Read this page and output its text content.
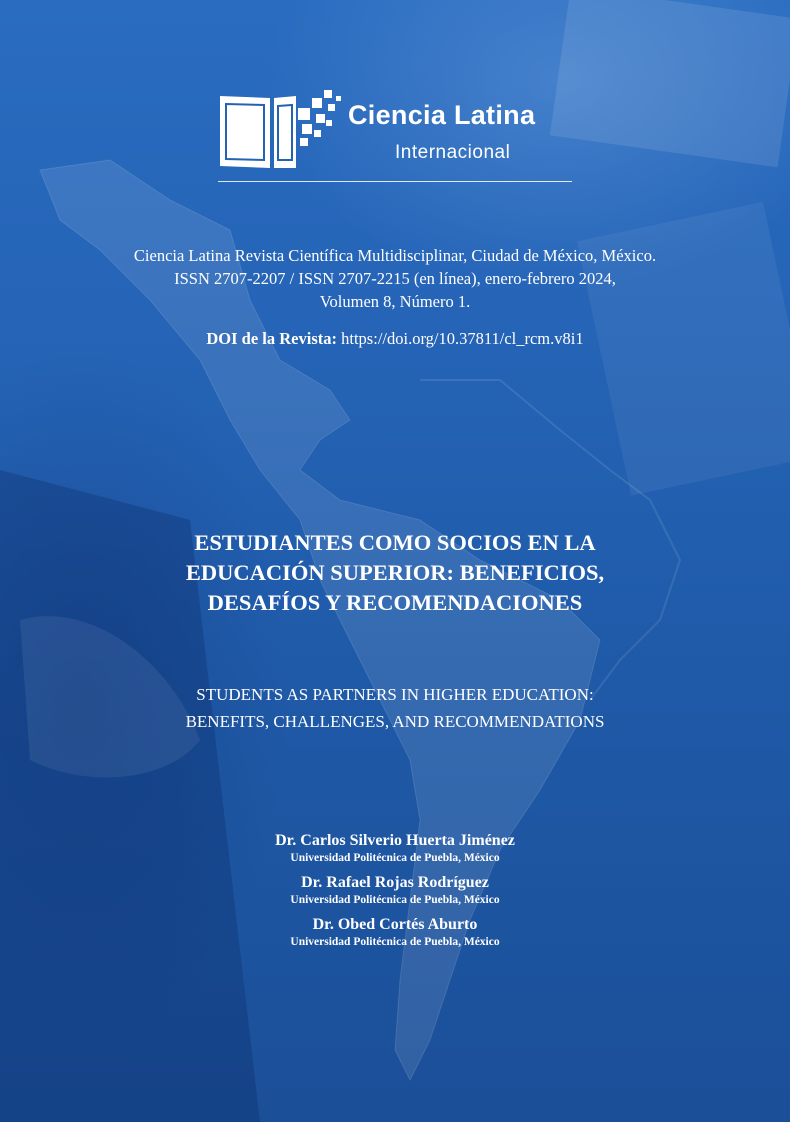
Ciencia Latina
Internacional
Ciencia Latina Revista Científica Multidisciplinar, Ciudad de México, México.
ISSN 2707-2207 / ISSN 2707-2215 (en línea), enero-febrero 2024,
Volumen 8, Número 1.
DOI de la Revista: https://doi.org/10.37811/cl_rcm.v8i1
ESTUDIANTES COMO SOCIOS EN LA
EDUCACIÓN SUPERIOR: BENEFICIOS,
DESAFÍOS Y RECOMENDACIONES
STUDENTS AS PARTNERS IN HIGHER EDUCATION:
BENEFITS, CHALLENGES, AND RECOMMENDATIONS
Dr. Carlos Silverio Huerta Jiménez
Universidad Politécnica de Puebla, México
Dr. Rafael Rojas Rodríguez
Universidad Politécnica de Puebla, México
Dr. Obed Cortés Aburto
Universidad Politécnica de Puebla, México
